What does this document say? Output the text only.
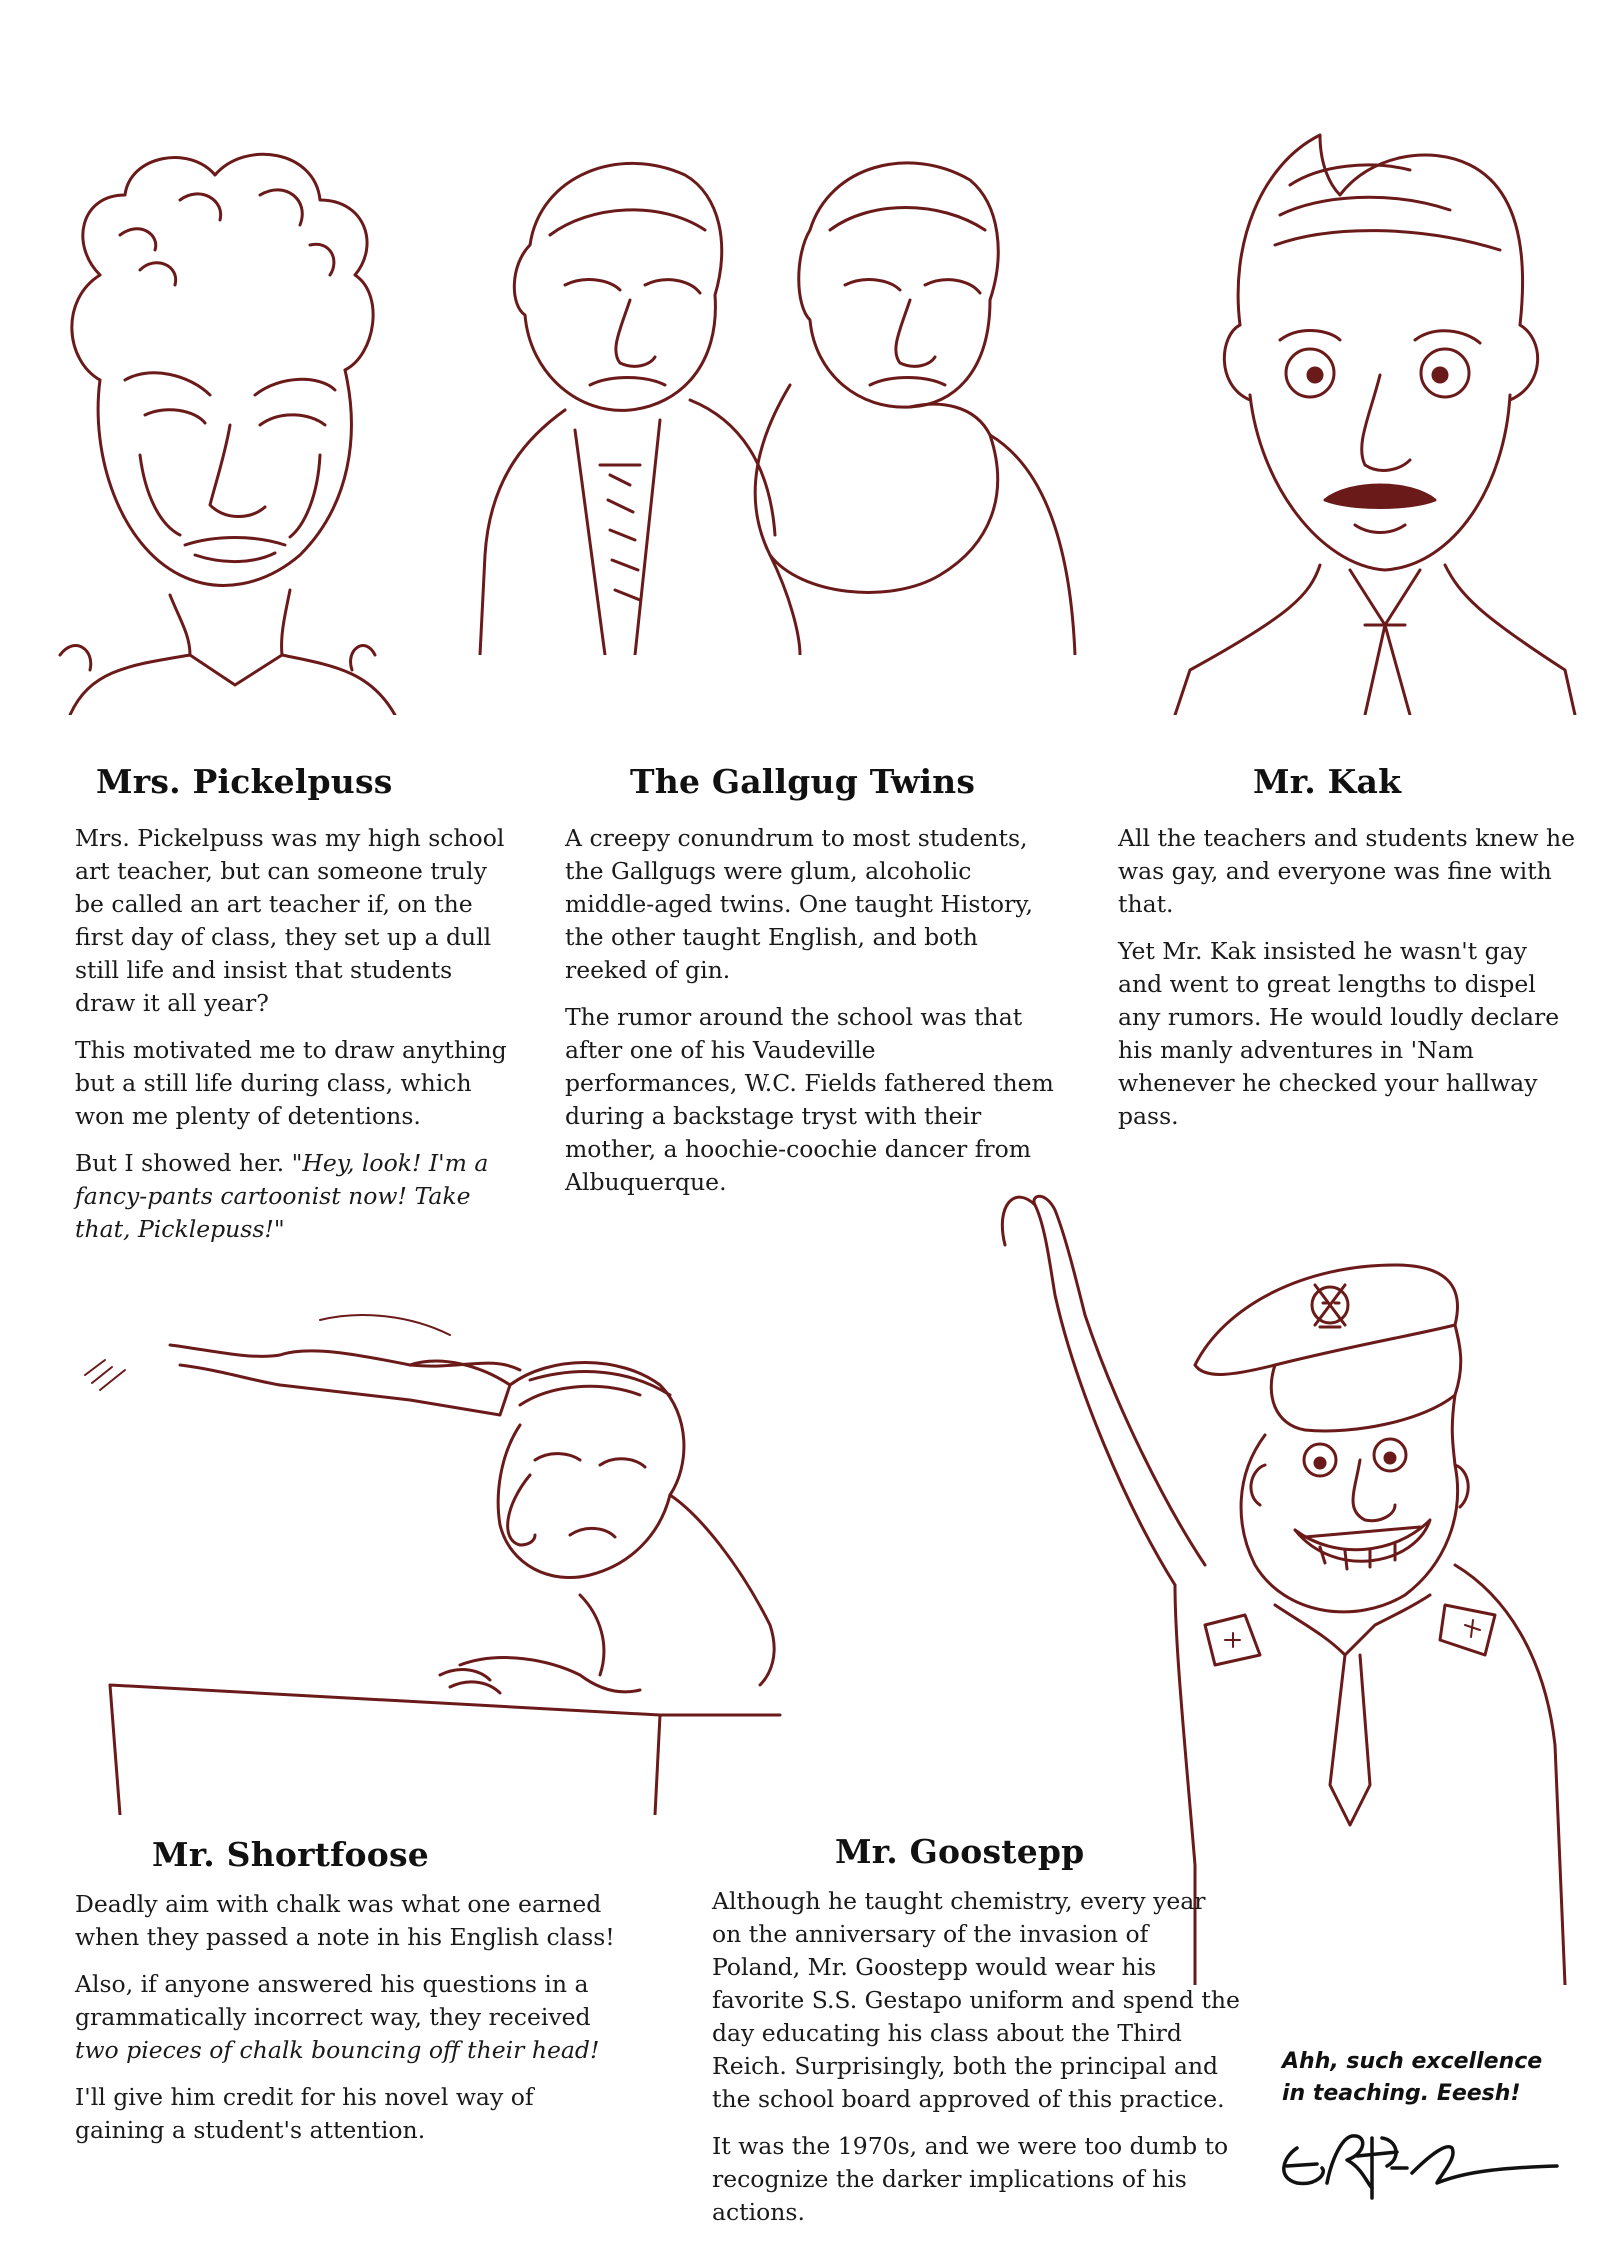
Mrs. Pickelpuss	The Gallgug Twins	Mr. Kak
Mr. Shortfoose	Mr. Goostepp

Mrs. Pickelpuss was my high school art teacher, but can someone truly be called an art teacher if, on the first day of class, they set up a dull still life and insist that students draw it all year?

This motivated me to draw anything but a still life during class, which won me plenty of detentions.

But I showed her. "Hey, look! I'm a fancy-pants cartoonist now! Take that, Picklepuss!"

A creepy conundrum to most students, the Gallgugs were glum, alcoholic middle-aged twins. One taught History, the other taught English, and both reeked of gin.

The rumor around the school was that after one of his Vaudeville performances, W.C. Fields fathered them during a backstage tryst with their mother, a hoochie-coochie dancer from Albuquerque.

All the teachers and students knew he was gay, and everyone was fine with that.

Yet Mr. Kak insisted he wasn't gay and went to great lengths to dispel any rumors. He would loudly declare his manly adventures in 'Nam whenever he checked your hallway pass.

Deadly aim with chalk was what one earned when they passed a note in his English class!

Also, if anyone answered his questions in a grammatically incorrect way, they received two pieces of chalk bouncing off their head!

I'll give him credit for his novel way of gaining a student's attention.

Although he taught chemistry, every year on the anniversary of the invasion of Poland, Mr. Goostepp would wear his favorite S.S. Gestapo uniform and spend the day educating his class about the Third Reich. Surprisingly, both the principal and the school board approved of this practice.

It was the 1970s, and we were too dumb to recognize the darker implications of his actions.

Ahh, such excellence
in teaching. Eeesh!
